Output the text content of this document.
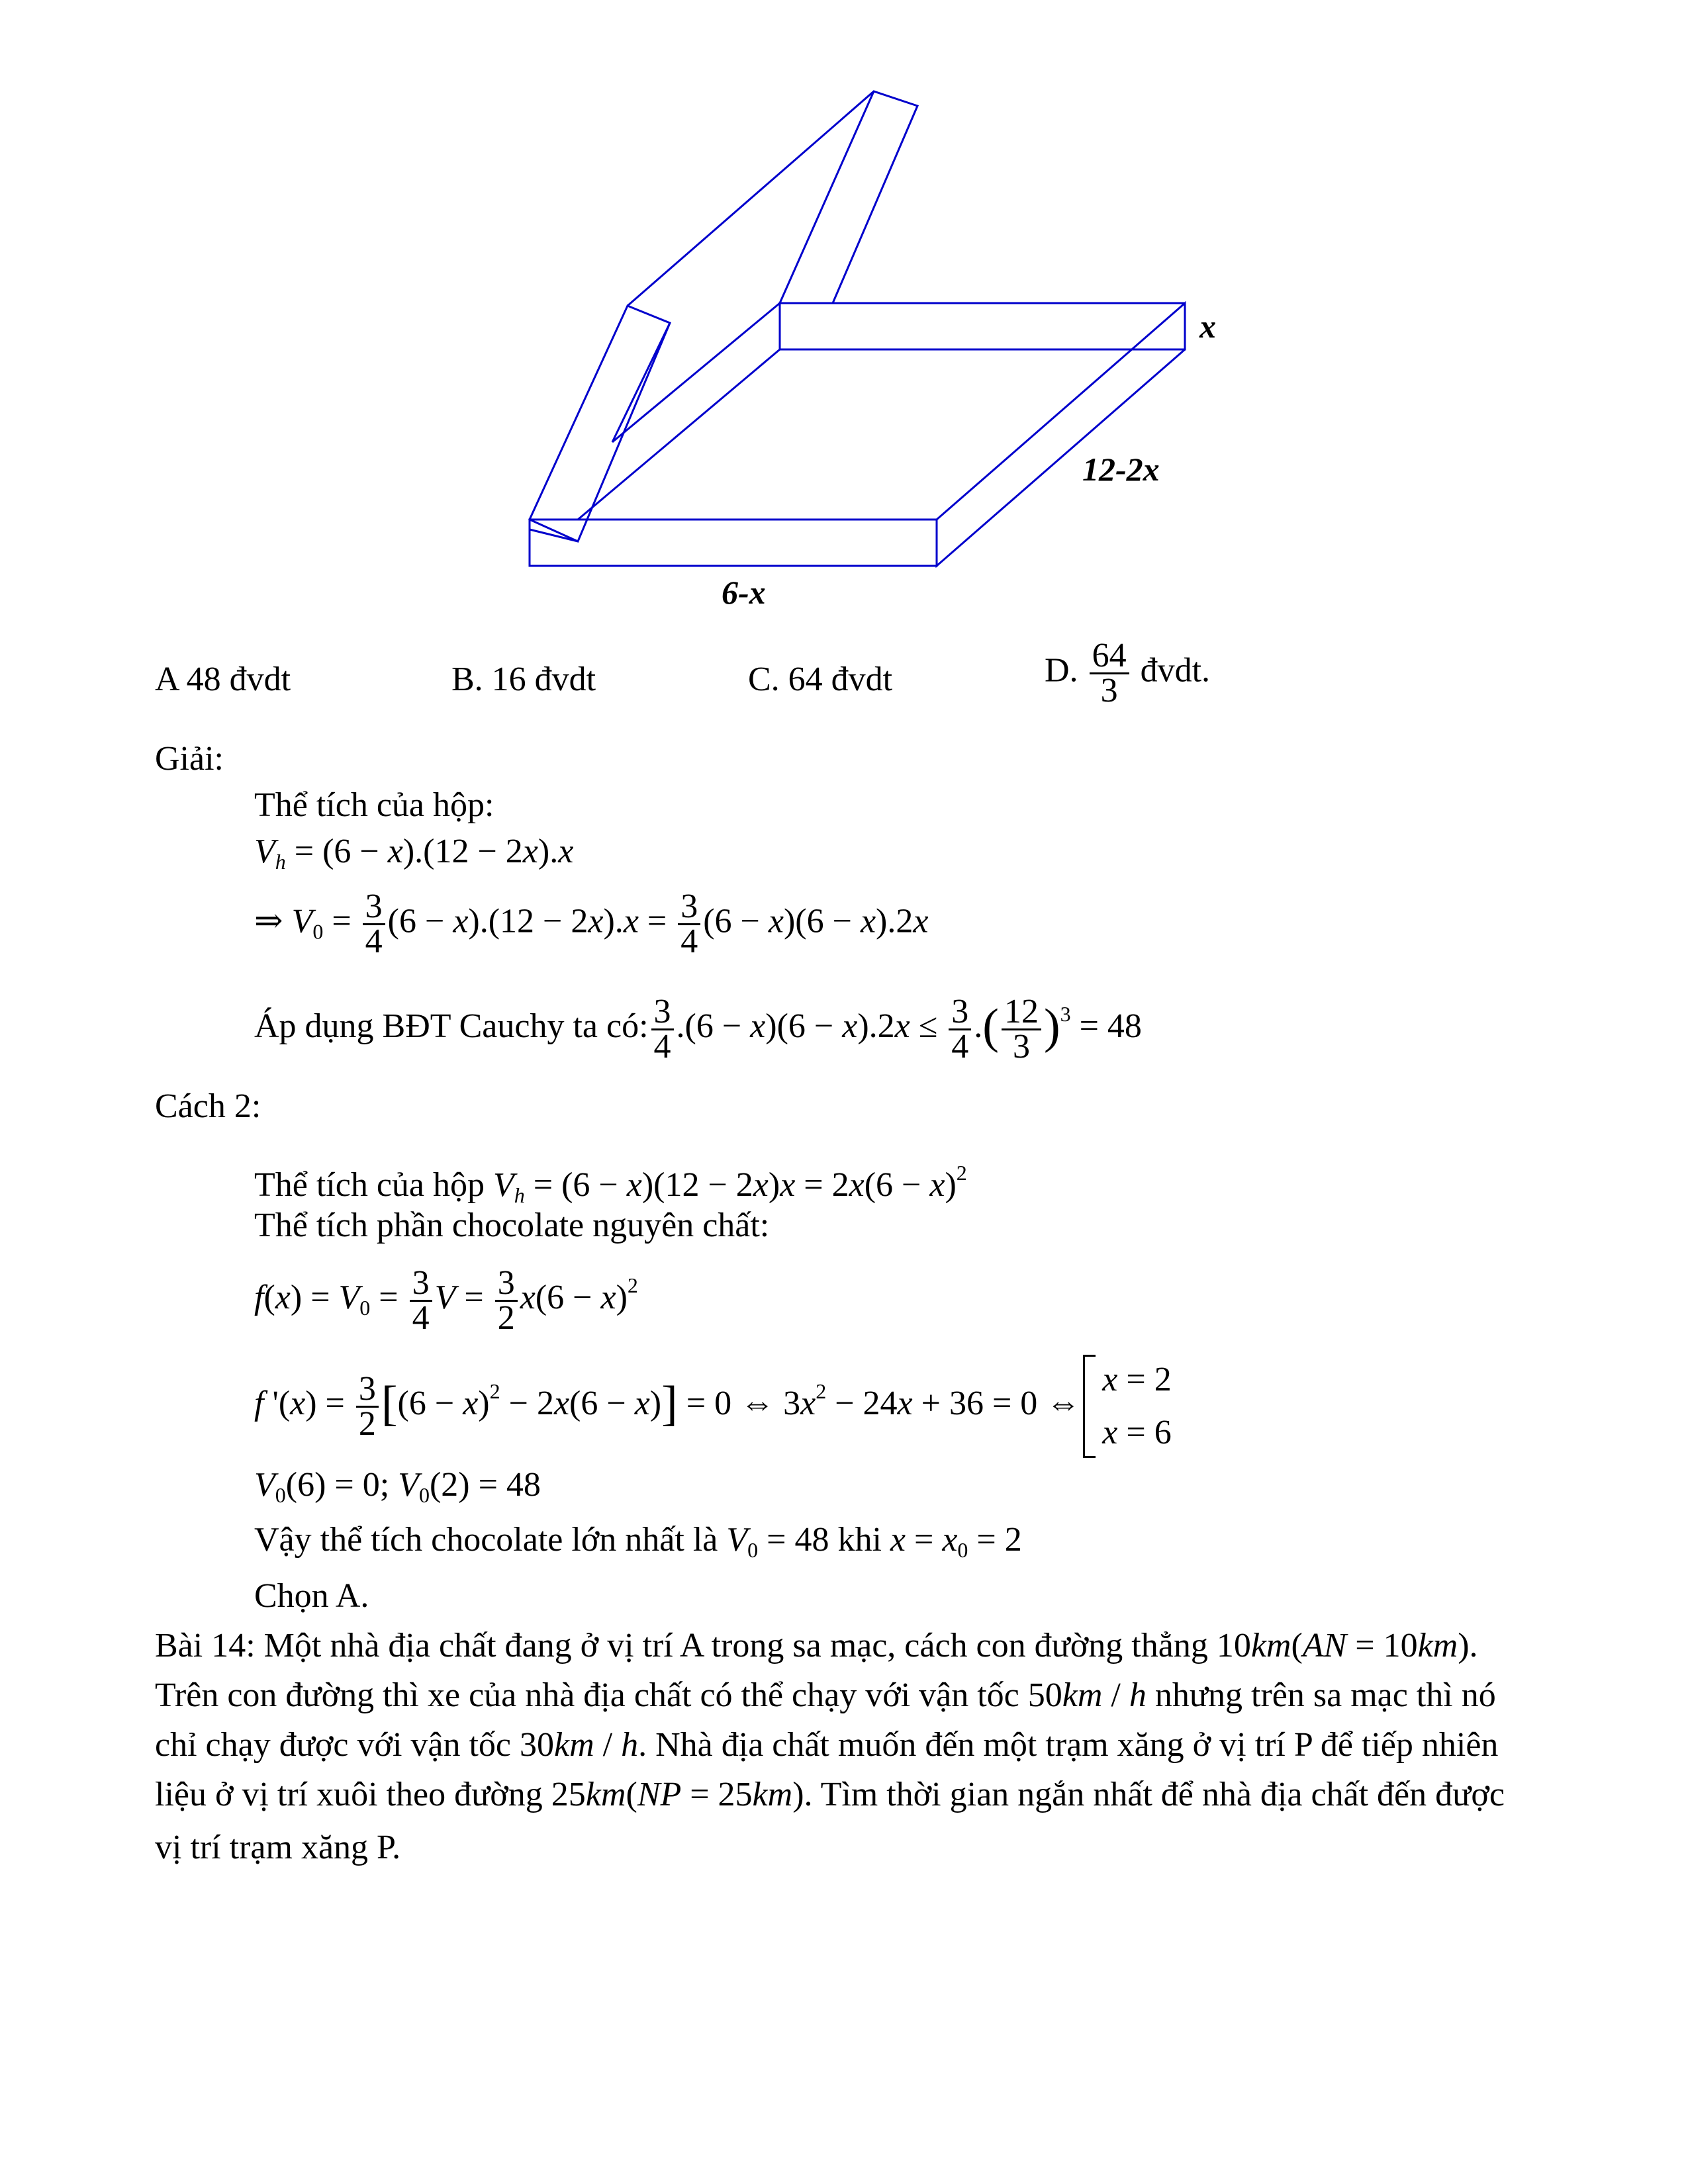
x
12-2x
6-x
A 48 đvdt	B. 16 đvdt	C. 64 đvdt	D. $\frac{64}{3}$ đvdt.
Giải:
Thể tích của hộp:
$V_h = (6 - x).(12 - 2x).x$
⇒ $V_0 = \frac{3}{4} (6 - x).(12 - 2x).x = \frac{3}{4} (6 - x)(6 - x).2x$
Áp dụng BĐT Cauchy ta có: $\frac{3}{4} .(6 - x)(6 - x).2x \le \frac{3}{4}$ .( $\frac{12}{3} )^3 = 48$
Cách 2:
Thể tích của hộp $V_h = (6 - x)(12 - 2x)x = 2x(6 - x)^2$
Thể tích phần chocolate nguyên chất:
$f(x) = V_0 = \frac{3}{4}$ $V = \frac{3}{2} x(6 - x)^2$
f '$(x) = \frac{3}{2} [(6 - x)^2 - 2x(6 - x)] = 0$ ⇔ $3x^2 - 24x + 36 = 0$ ⇔
x = 2
x = 6
$V_0(6) = 0$; $V_0(2) = 48$
Vậy thể tích chocolate lớn nhất là $V_0 = 48$ khi $x = x_0 = 2$
Chọn A.
Bài 14: Một nhà địa chất đang ở vị trí A trong sa mạc, cách con đường thẳng 10km(AN = 10km).
Trên con đường thì xe của nhà địa chất có thể chạy với vận tốc 50km / h nhưng trên sa mạc thì nó
chỉ chạy được với vận tốc 30km / h. Nhà địa chất muốn đến một trạm xăng ở vị trí P để tiếp nhiên
liệu ở vị trí xuôi theo đường 25km(NP = 25km). Tìm thời gian ngắn nhất để nhà địa chất đến được
vị trí trạm xăng P.
